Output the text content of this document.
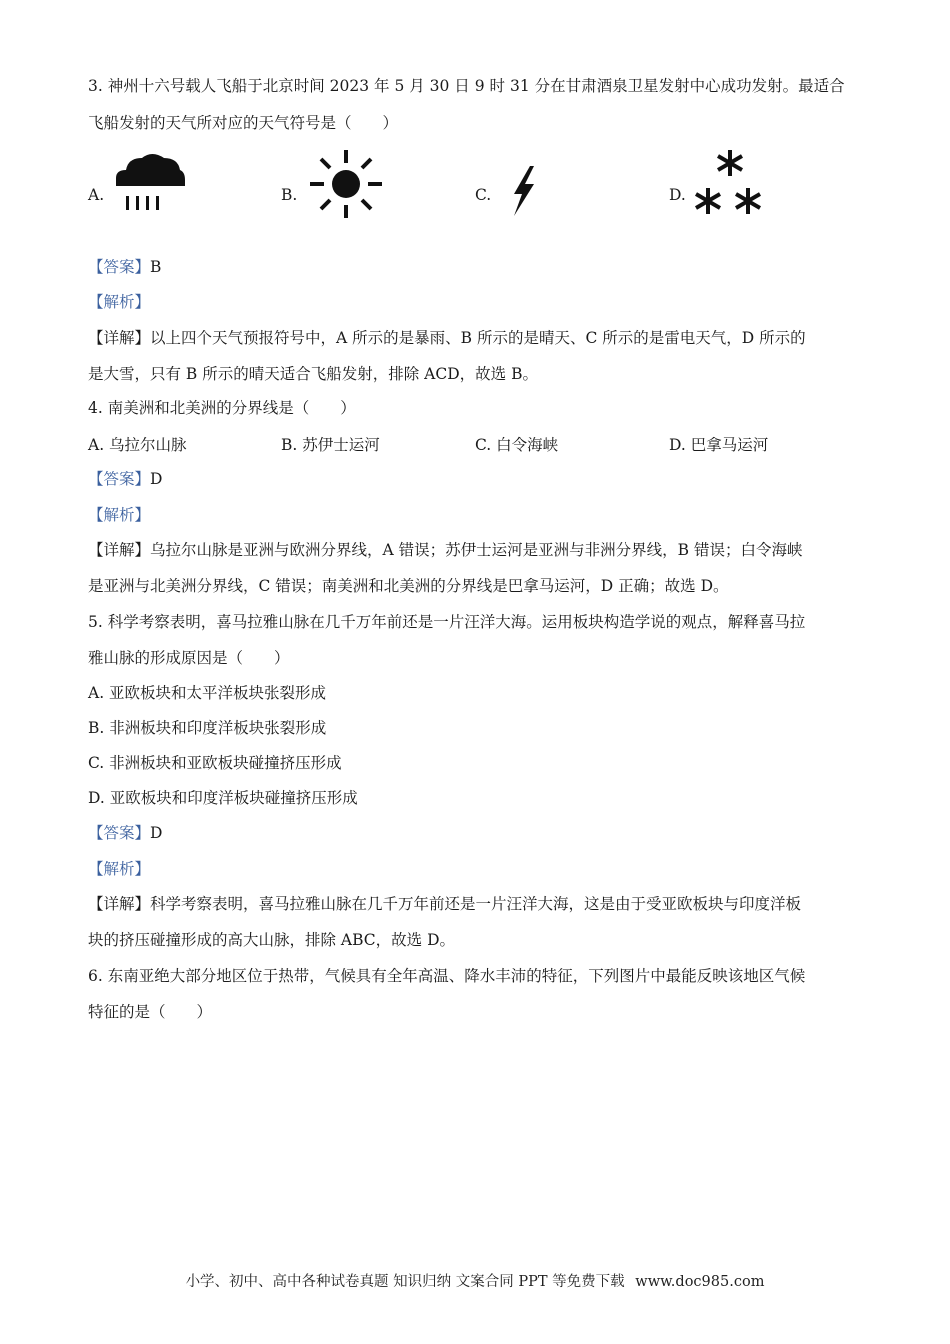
3. 神州十六号载人飞船于北京时间 2023 年 5 月 30 日 9 时 31 分在甘肃酒泉卫星发射中心成功发射。最适合
飞船发射的天气所对应的天气符号是（　　）
A.	B.	C.	D.
【答案】B
【解析】
【详解】以上四个天气预报符号中，A 所示的是暴雨、B 所示的是晴天、C 所示的是雷电天气，D 所示的
是大雪，只有 B 所示的晴天适合飞船发射，排除 ACD，故选 B。
4. 南美洲和北美洲的分界线是（　　）
A. 乌拉尔山脉	B. 苏伊士运河	C. 白令海峡	D. 巴拿马运河
【答案】D
【解析】
【详解】乌拉尔山脉是亚洲与欧洲分界线，A 错误；苏伊士运河是亚洲与非洲分界线，B 错误；白令海峡
是亚洲与北美洲分界线，C 错误；南美洲和北美洲的分界线是巴拿马运河，D 正确；故选 D。
5. 科学考察表明，喜马拉雅山脉在几千万年前还是一片汪洋大海。运用板块构造学说的观点，解释喜马拉
雅山脉的形成原因是（　　）
A. 亚欧板块和太平洋板块张裂形成
B. 非洲板块和印度洋板块张裂形成
C. 非洲板块和亚欧板块碰撞挤压形成
D. 亚欧板块和印度洋板块碰撞挤压形成
【答案】D
【解析】
【详解】科学考察表明，喜马拉雅山脉在几千万年前还是一片汪洋大海，这是由于受亚欧板块与印度洋板
块的挤压碰撞形成的高大山脉，排除 ABC，故选 D。
6. 东南亚绝大部分地区位于热带，气候具有全年高温、降水丰沛的特征，下列图片中最能反映该地区气候
特征的是（　　）
小学、初中、高中各种试卷真题 知识归纳 文案合同 PPT 等免费下载 www.doc985.com
